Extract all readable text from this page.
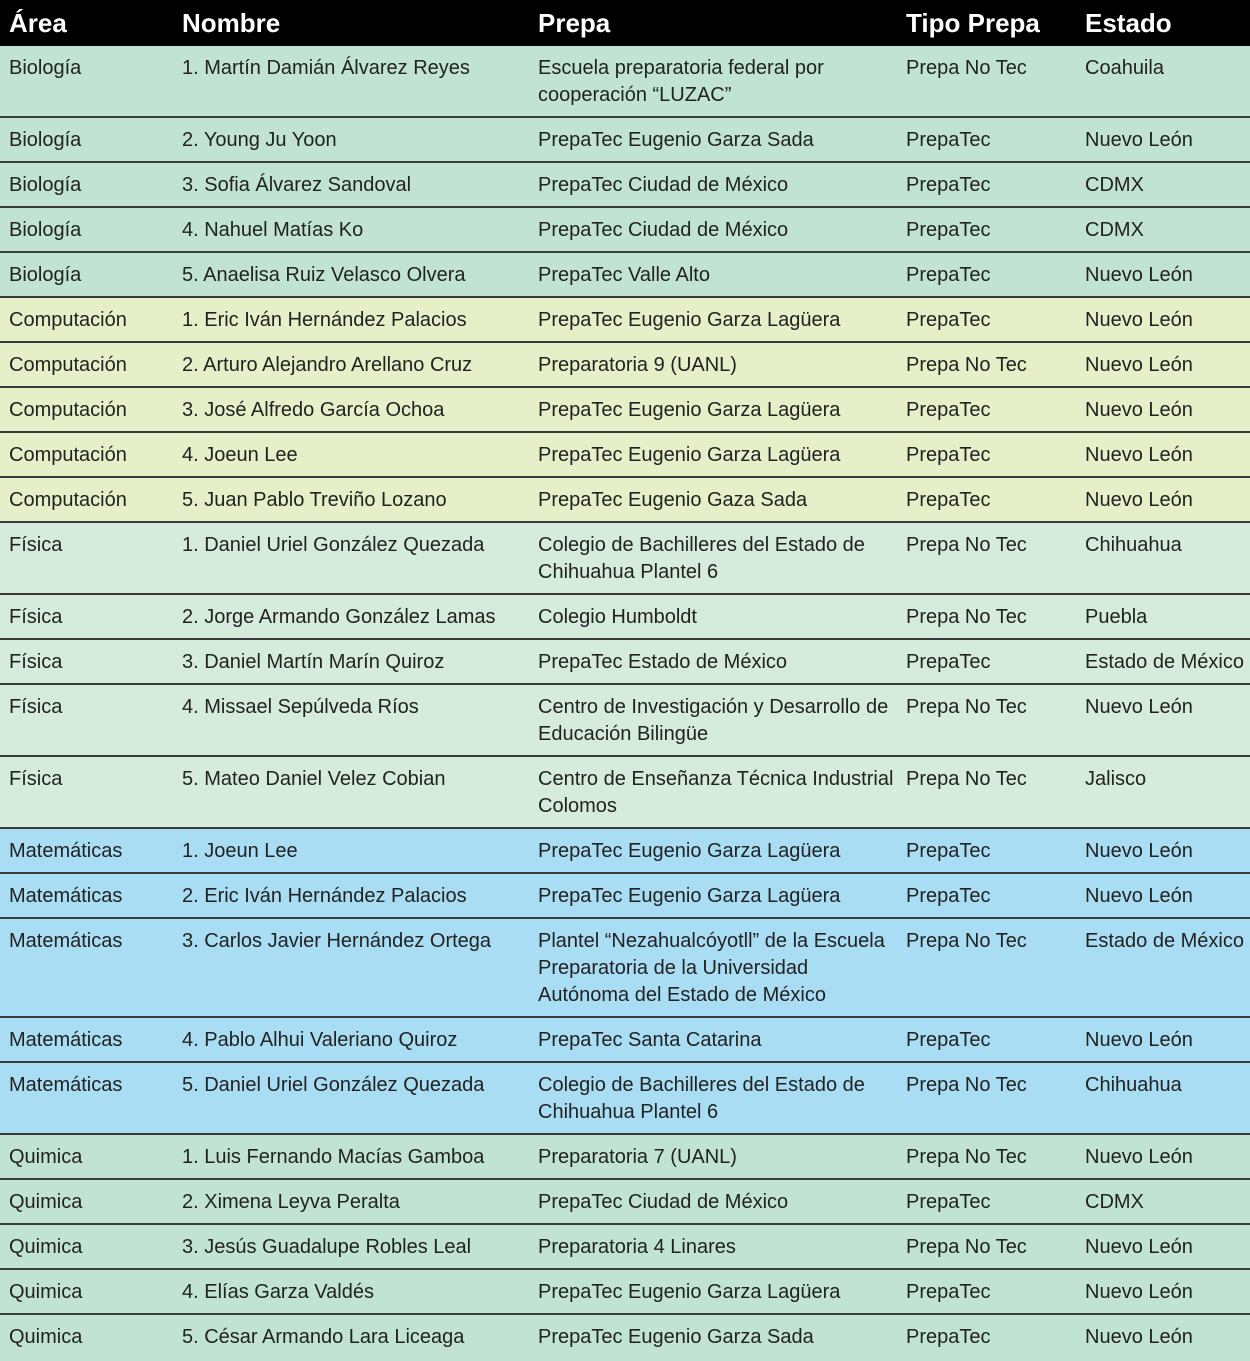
Área	Nombre	Prepa	Tipo Prepa	Estado
Biología	1. Martín Damián Álvarez Reyes	Escuela preparatoria federal por cooperación “LUZAC”	Prepa No Tec	Coahuila
Biología	2. Young Ju Yoon	PrepaTec Eugenio Garza Sada	PrepaTec	Nuevo León
Biología	3. Sofia Álvarez Sandoval	PrepaTec Ciudad de México	PrepaTec	CDMX
Biología	4. Nahuel Matías Ko	PrepaTec Ciudad de México	PrepaTec	CDMX
Biología	5. Anaelisa Ruiz Velasco Olvera	PrepaTec Valle Alto	PrepaTec	Nuevo León
Computación	1. Eric Iván Hernández Palacios	PrepaTec Eugenio Garza Lagüera	PrepaTec	Nuevo León
Computación	2. Arturo Alejandro Arellano Cruz	Preparatoria 9 (UANL)	Prepa No Tec	Nuevo León
Computación	3. José Alfredo García Ochoa	PrepaTec Eugenio Garza Lagüera	PrepaTec	Nuevo León
Computación	4. Joeun Lee	PrepaTec Eugenio Garza Lagüera	PrepaTec	Nuevo León
Computación	5. Juan Pablo Treviño Lozano	PrepaTec Eugenio Gaza Sada	PrepaTec	Nuevo León
Física	1. Daniel Uriel González Quezada	Colegio de Bachilleres del Estado de Chihuahua Plantel 6	Prepa No Tec	Chihuahua
Física	2. Jorge Armando González Lamas	Colegio Humboldt	Prepa No Tec	Puebla
Física	3. Daniel Martín Marín Quiroz	PrepaTec Estado de México	PrepaTec	Estado de México
Física	4. Missael Sepúlveda Ríos	Centro de Investigación y Desarrollo de Educación Bilingüe	Prepa No Tec	Nuevo León
Física	5. Mateo Daniel Velez Cobian	Centro de Enseñanza Técnica Industrial Colomos	Prepa No Tec	Jalisco
Matemáticas	1. Joeun Lee	PrepaTec Eugenio Garza Lagüera	PrepaTec	Nuevo León
Matemáticas	2. Eric Iván Hernández Palacios	PrepaTec Eugenio Garza Lagüera	PrepaTec	Nuevo León
Matemáticas	3. Carlos Javier Hernández Ortega	Plantel “Nezahualcóyotll” de la Escuela Preparatoria de la Universidad Autónoma del Estado de México	Prepa No Tec	Estado de México
Matemáticas	4. Pablo Alhui Valeriano Quiroz	PrepaTec Santa Catarina	PrepaTec	Nuevo León
Matemáticas	5. Daniel Uriel González Quezada	Colegio de Bachilleres del Estado de Chihuahua Plantel 6	Prepa No Tec	Chihuahua
Quimica	1. Luis Fernando Macías Gamboa	Preparatoria 7 (UANL)	Prepa No Tec	Nuevo León
Quimica	2. Ximena Leyva Peralta	PrepaTec Ciudad de México	PrepaTec	CDMX
Quimica	3. Jesús Guadalupe Robles Leal	Preparatoria 4 Linares	Prepa No Tec	Nuevo León
Quimica	4. Elías Garza Valdés	PrepaTec Eugenio Garza Lagüera	PrepaTec	Nuevo León
Quimica	5. César Armando Lara Liceaga	PrepaTec Eugenio Garza Sada	PrepaTec	Nuevo León
